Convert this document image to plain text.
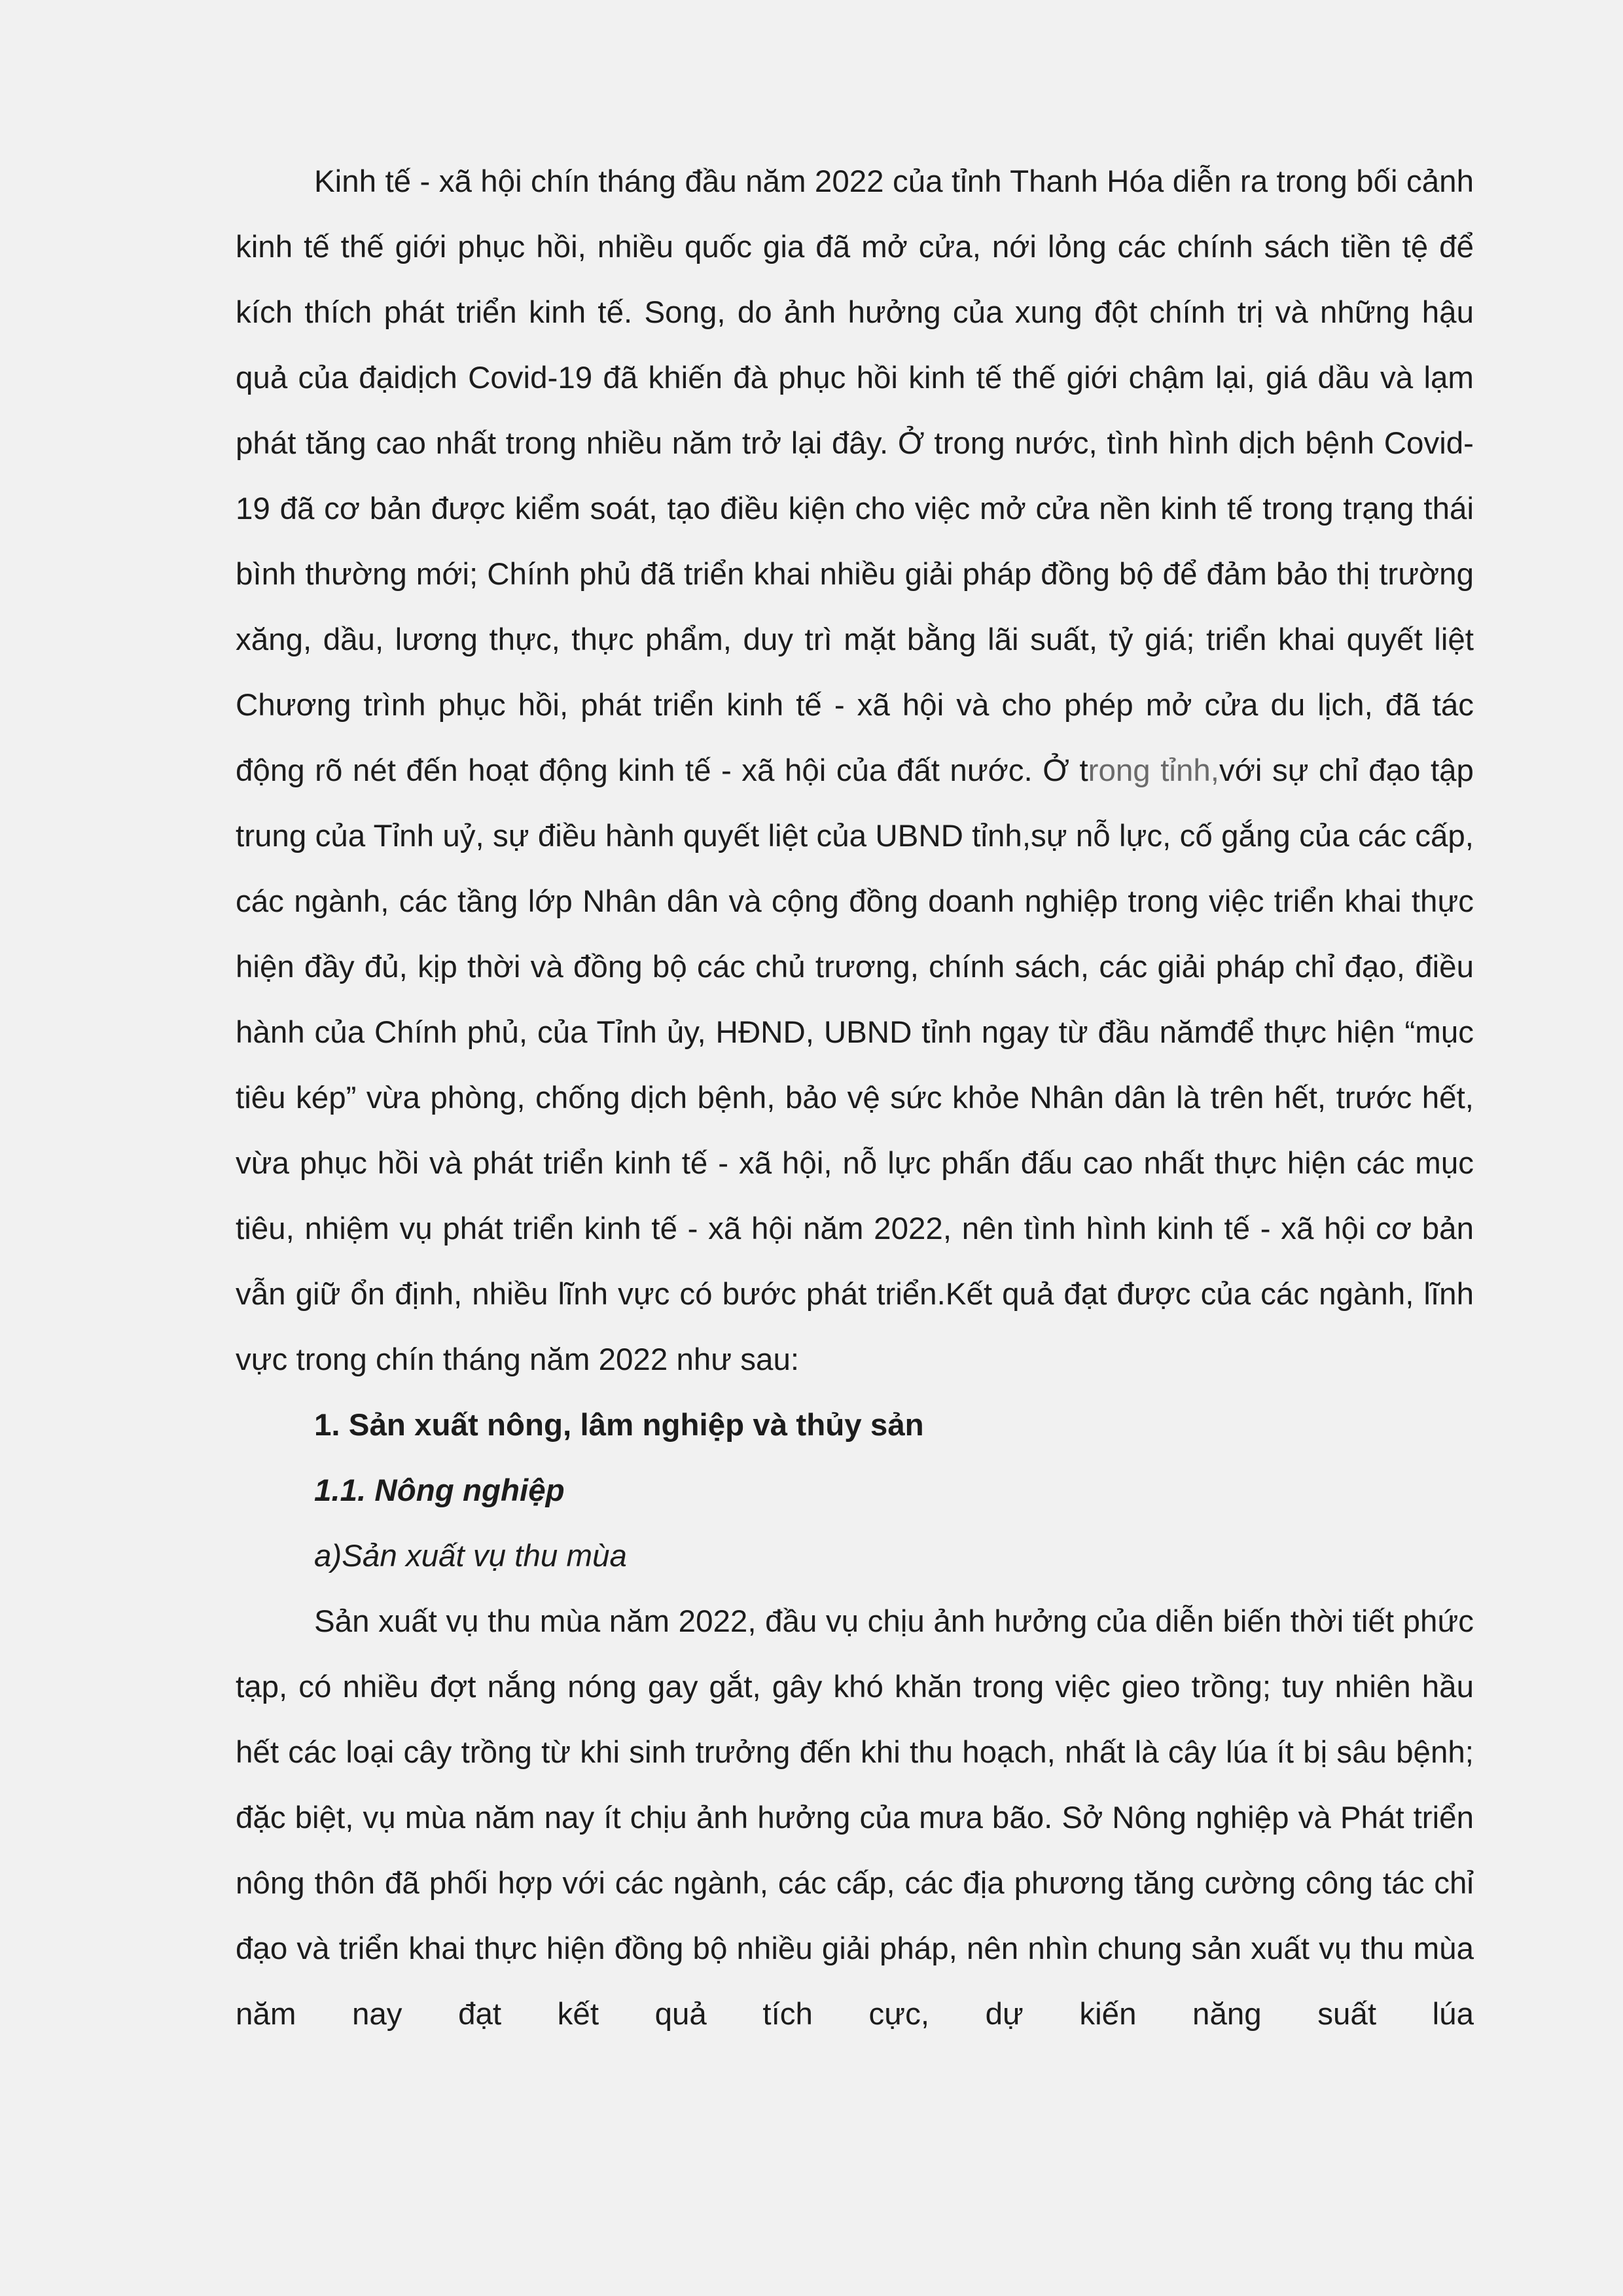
Kinh tế - xã hội chín tháng đầu năm 2022 của tỉnh Thanh Hóa diễn ra trong bối cảnh kinh tế thế giới phục hồi, nhiều quốc gia đã mở cửa, nới lỏng các chính sách tiền tệ để kích thích phát triển kinh tế. Song, do ảnh hưởng của xung đột chính trị và những hậu quả của đạidịch Covid-19 đã khiến đà phục hồi kinh tế thế giới chậm lại, giá dầu và lạm phát tăng cao nhất trong nhiều năm trở lại đây. Ở trong nước, tình hình dịch bệnh Covid-19 đã cơ bản được kiểm soát, tạo điều kiện cho việc mở cửa nền kinh tế trong trạng thái bình thường mới; Chính phủ đã triển khai nhiều giải pháp đồng bộ để đảm bảo thị trường xăng, dầu, lương thực, thực phẩm, duy trì mặt bằng lãi suất, tỷ giá; triển khai quyết liệt Chương trình phục hồi, phát triển kinh tế - xã hội và cho phép mở cửa du lịch, đã tác động rõ nét đến hoạt động kinh tế - xã hội của đất nước. Ở trong tỉnh,với sự chỉ đạo tập trung của Tỉnh uỷ, sự điều hành quyết liệt của UBND tỉnh,sự nỗ lực, cố gắng của các cấp, các ngành, các tầng lớp Nhân dân và cộng đồng doanh nghiệp trong việc triển khai thực hiện đầy đủ, kịp thời và đồng bộ các chủ trương, chính sách, các giải pháp chỉ đạo, điều hành của Chính phủ, của Tỉnh ủy, HĐND, UBND tỉnh ngay từ đầu nămđể thực hiện “mục tiêu kép” vừa phòng, chống dịch bệnh, bảo vệ sức khỏe Nhân dân là trên hết, trước hết, vừa phục hồi và phát triển kinh tế - xã hội, nỗ lực phấn đấu cao nhất thực hiện các mục tiêu, nhiệm vụ phát triển kinh tế - xã hội năm 2022, nên tình hình kinh tế - xã hội cơ bản vẫn giữ ổn định, nhiều lĩnh vực có bước phát triển.Kết quả đạt được của các ngành, lĩnh vực trong chín tháng năm 2022 như sau:

1. Sản xuất nông, lâm nghiệp và thủy sản

1.1. Nông nghiệp

a)Sản xuất vụ thu mùa

Sản xuất vụ thu mùa năm 2022, đầu vụ chịu ảnh hưởng của diễn biến thời tiết phức tạp, có nhiều đợt nắng nóng gay gắt, gây khó khăn trong việc gieo trồng; tuy nhiên hầu hết các loại cây trồng từ khi sinh trưởng đến khi thu hoạch, nhất là cây lúa ít bị sâu bệnh; đặc biệt, vụ mùa năm nay ít chịu ảnh hưởng của mưa bão. Sở Nông nghiệp và Phát triển nông thôn đã phối hợp với các ngành, các cấp, các địa phương tăng cường công tác chỉ đạo và triển khai thực hiện đồng bộ nhiều giải pháp, nên nhìn chung sản xuất vụ thu mùa năm nay đạt kết quả tích cực, dự kiến năng suất lúa
